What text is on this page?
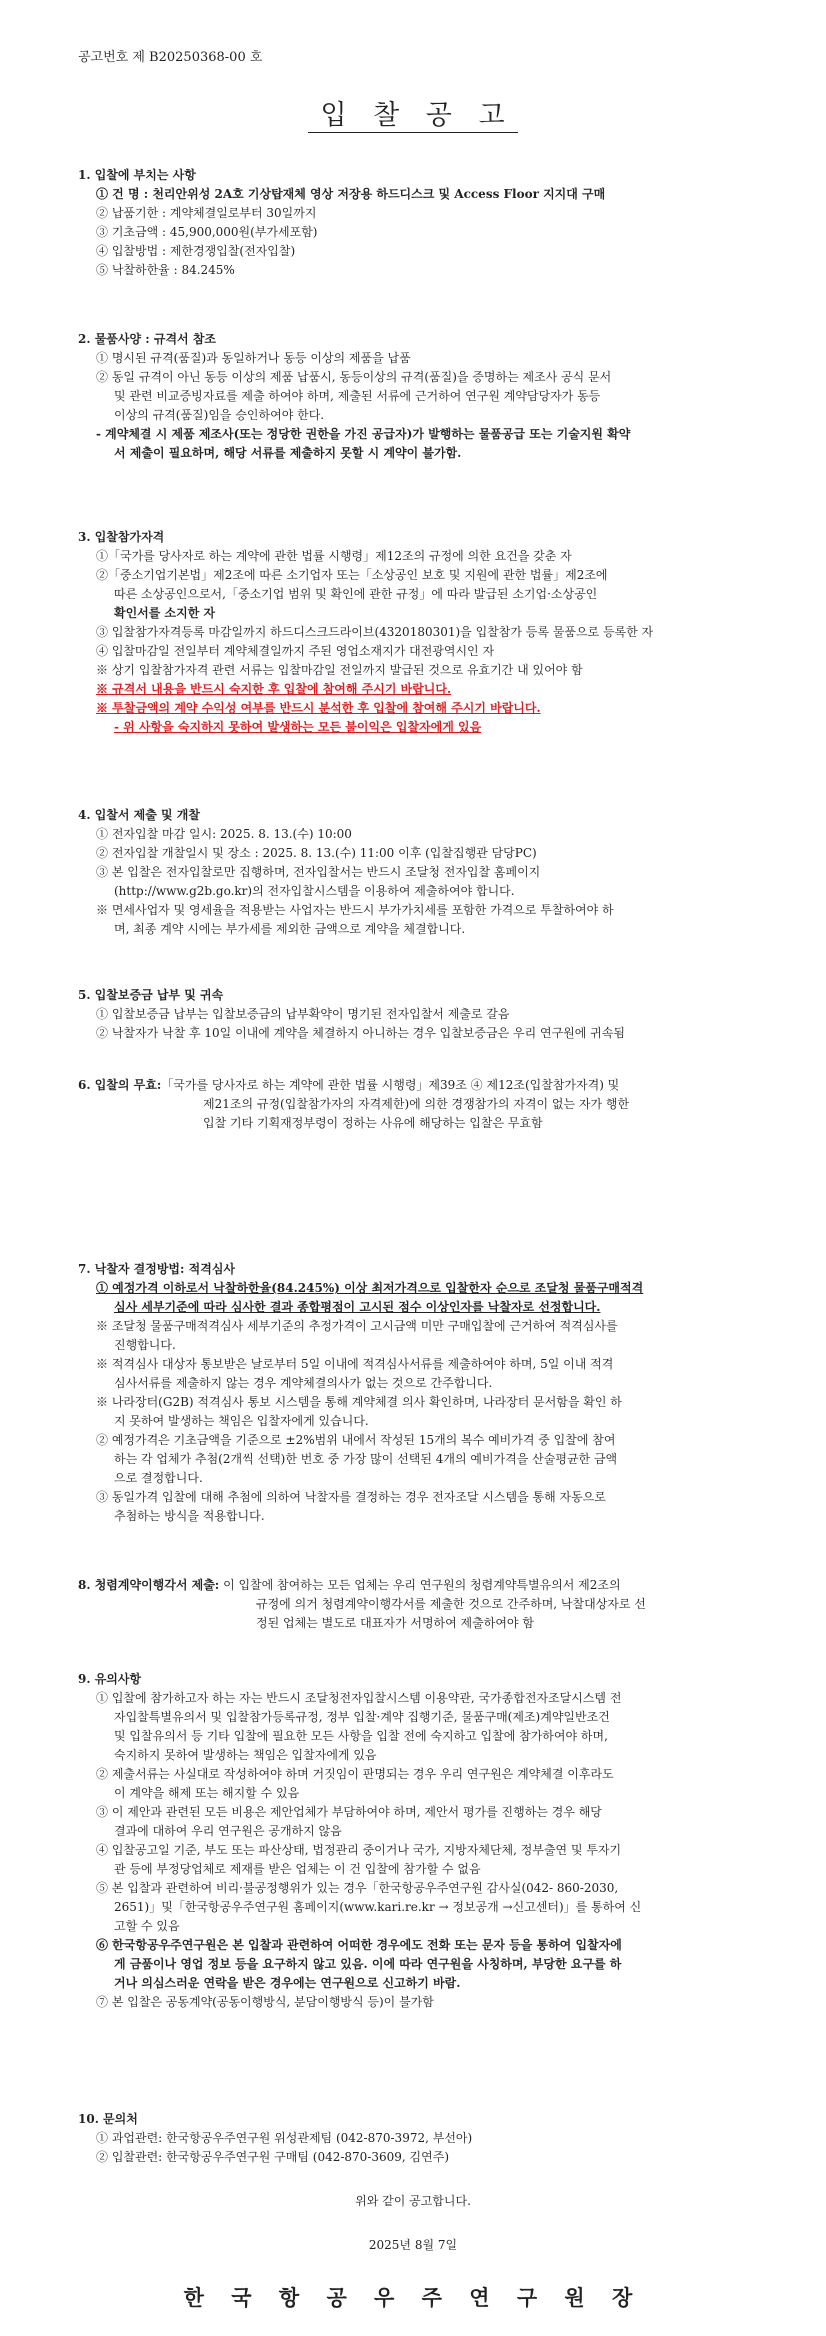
공고번호 제 B20250368-00 호
입 찰 공 고
1. 입찰에 부치는 사항
① 건 명 : 천리안위성 2A호 기상탑재체 영상 저장용 하드디스크 및 Access Floor 지지대 구매
② 납품기한 : 계약체결일로부터 30일까지
③ 기초금액 : 45,900,000원(부가세포함)
④ 입찰방법 : 제한경쟁입찰(전자입찰)
⑤ 낙찰하한율 : 84.245%
2. 물품사양 : 규격서 참조
① 명시된 규격(품질)과 동일하거나 동등 이상의 제품을 납품
② 동일 규격이 아닌 동등 이상의 제품 납품시, 동등이상의 규격(품질)을 증명하는 제조사 공식 문서
및 관련 비교증빙자료를 제출 하여야 하며, 제출된 서류에 근거하여 연구원 계약담당자가 동등
이상의 규격(품질)임을 승인하여야 한다.
- 계약체결 시 제품 제조사(또는 정당한 권한을 가진 공급자)가 발행하는 물품공급 또는 기술지원 확약
서 제출이 필요하며, 해당 서류를 제출하지 못할 시 계약이 불가함.
3. 입찰참가자격
①「국가를 당사자로 하는 계약에 관한 법률 시행령」제12조의 규정에 의한 요건을 갖춘 자
②「중소기업기본법」제2조에 따른 소기업자 또는「소상공인 보호 및 지원에 관한 법률」제2조에
따른 소상공인으로서,「중소기업 범위 및 확인에 관한 규정」에 따라 발급된 소기업·소상공인
확인서를 소지한 자
③ 입찰참가자격등록 마감일까지 하드디스크드라이브(4320180301)을 입찰참가 등록 물품으로 등록한 자
④ 입찰마감일 전일부터 계약체결일까지 주된 영업소재지가 대전광역시인 자
※ 상기 입찰참가자격 관련 서류는 입찰마감일 전일까지 발급된 것으로 유효기간 내 있어야 함
※ 규격서 내용을 반드시 숙지한 후 입찰에 참여해 주시기 바랍니다.
※ 투찰금액의 계약 수익성 여부를 반드시 분석한 후 입찰에 참여해 주시기 바랍니다.
- 위 사항을 숙지하지 못하여 발생하는 모든 불이익은 입찰자에게 있음
4. 입찰서 제출 및 개찰
① 전자입찰 마감 일시: 2025. 8. 13.(수) 10:00
② 전자입찰 개찰일시 및 장소 : 2025. 8. 13.(수) 11:00 이후 (입찰집행관 담당PC)
③ 본 입찰은 전자입찰로만 집행하며, 전자입찰서는 반드시 조달청 전자입찰 홈페이지
(http://www.g2b.go.kr)의 전자입찰시스템을 이용하여 제출하여야 합니다.
※ 면세사업자 및 영세율을 적용받는 사업자는 반드시 부가가치세를 포함한 가격으로 투찰하여야 하
며, 최종 계약 시에는 부가세를 제외한 금액으로 계약을 체결합니다.
5. 입찰보증금 납부 및 귀속
① 입찰보증금 납부는 입찰보증금의 납부확약이 명기된 전자입찰서 제출로 갈음
② 낙찰자가 낙찰 후 10일 이내에 계약을 체결하지 아니하는 경우 입찰보증금은 우리 연구원에 귀속됨
6. 입찰의 무효:「국가를 당사자로 하는 계약에 관한 법률 시행령」제39조 ④ 제12조(입찰참가자격) 및
제21조의 규정(입찰참가자의 자격제한)에 의한 경쟁참가의 자격이 없는 자가 행한
입찰 기타 기획재정부령이 정하는 사유에 해당하는 입찰은 무효함
7. 낙찰자 결정방법: 적격심사
① 예정가격 이하로서 낙찰하한율(84.245%) 이상 최저가격으로 입찰한자 순으로 조달청 물품구매적격
심사 세부기준에 따라 심사한 결과 종합평점이 고시된 점수 이상인자를 낙찰자로 선정합니다.
※ 조달청 물품구매적격심사 세부기준의 추정가격이 고시금액 미만 구매입찰에 근거하여 적격심사를
진행합니다.
※ 적격심사 대상자 통보받은 날로부터 5일 이내에 적격심사서류를 제출하여야 하며, 5일 이내 적격
심사서류를 제출하지 않는 경우 계약체결의사가 없는 것으로 간주합니다.
※ 나라장터(G2B) 적격심사 통보 시스템을 통해 계약체결 의사 확인하며, 나라장터 문서함을 확인 하
지 못하여 발생하는 책임은 입찰자에게 있습니다.
② 예정가격은 기초금액을 기준으로 ±2%범위 내에서 작성된 15개의 복수 예비가격 중 입찰에 참여
하는 각 업체가 추첨(2개씩 선택)한 번호 중 가장 많이 선택된 4개의 예비가격을 산술평균한 금액
으로 결정합니다.
③ 동일가격 입찰에 대해 추첨에 의하여 낙찰자를 결정하는 경우 전자조달 시스템을 통해 자동으로
추첨하는 방식을 적용합니다.
8. 청렴계약이행각서 제출: 이 입찰에 참여하는 모든 업체는 우리 연구원의 청렴계약특별유의서 제2조의
규정에 의거 청렴계약이행각서를 제출한 것으로 간주하며, 낙찰대상자로 선
정된 업체는 별도로 대표자가 서명하여 제출하여야 함
9. 유의사항
① 입찰에 참가하고자 하는 자는 반드시 조달청전자입찰시스템 이용약관, 국가종합전자조달시스템 전
자입찰특별유의서 및 입찰참가등록규정, 정부 입찰·계약 집행기준, 물품구매(제조)계약일반조건
및 입찰유의서 등 기타 입찰에 필요한 모든 사항을 입찰 전에 숙지하고 입찰에 참가하여야 하며,
숙지하지 못하여 발생하는 책임은 입찰자에게 있음
② 제출서류는 사실대로 작성하여야 하며 거짓임이 판명되는 경우 우리 연구원은 계약체결 이후라도
이 계약을 해제 또는 해지할 수 있음
③ 이 제안과 관련된 모든 비용은 제안업체가 부담하여야 하며, 제안서 평가를 진행하는 경우 해당
결과에 대하여 우리 연구원은 공개하지 않음
④ 입찰공고일 기준, 부도 또는 파산상태, 법정관리 중이거나 국가, 지방자체단체, 정부출연 및 투자기
관 등에 부정당업체로 제재를 받은 업체는 이 건 입찰에 참가할 수 없음
⑤ 본 입찰과 관련하여 비리·불공정행위가 있는 경우「한국항공우주연구원 감사실(042- 860-2030,
2651)」및「한국항공우주연구원 홈페이지(www.kari.re.kr → 정보공개 →신고센터)」를 통하여 신
고할 수 있음
⑥ 한국항공우주연구원은 본 입찰과 관련하여 어떠한 경우에도 전화 또는 문자 등을 통하여 입찰자에
게 금품이나 영업 정보 등을 요구하지 않고 있음. 이에 따라 연구원을 사칭하며, 부당한 요구를 하
거나 의심스러운 연락을 받은 경우에는 연구원으로 신고하기 바람.
⑦ 본 입찰은 공동계약(공동이행방식, 분담이행방식 등)이 불가함
10. 문의처
① 과업관련: 한국항공우주연구원 위성관제팀 (042-870-3972, 부선아)
② 입찰관련: 한국항공우주연구원 구매팀 (042-870-3609, 김연주)
위와 같이 공고합니다.
2025년 8월 7일
한 국 항 공 우 주 연 구 원 장
